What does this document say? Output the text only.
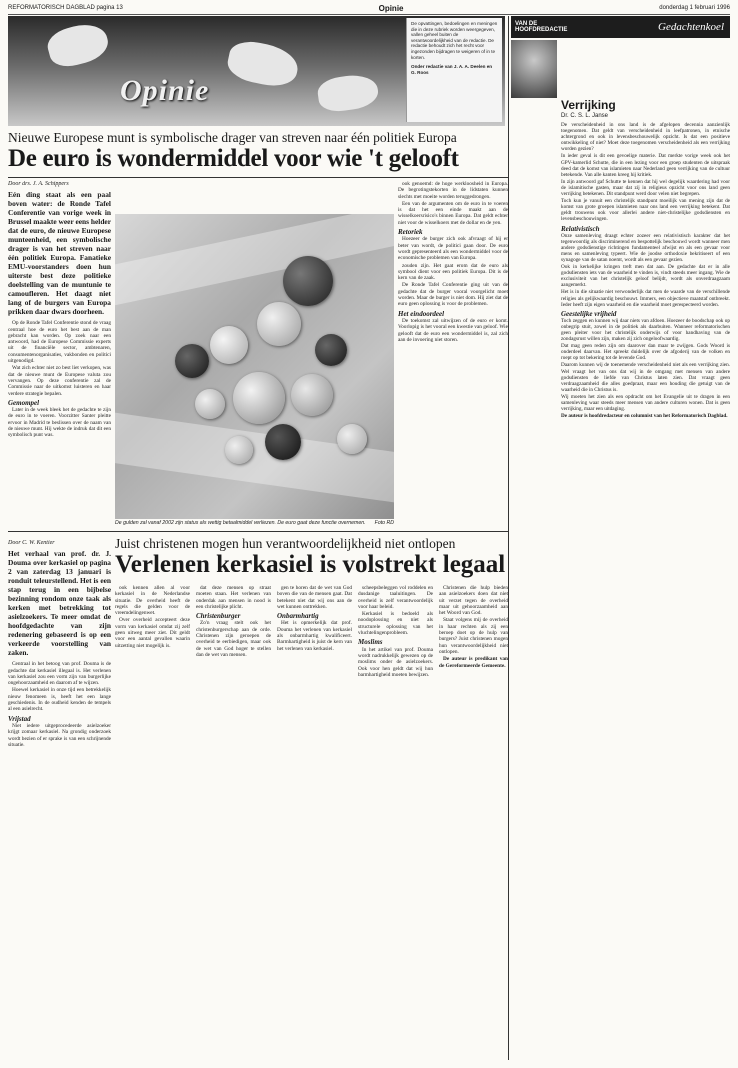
REFORMATORISCH DAGBLAD pagina 13	Opinie	donderdag 1 februari 1996
Opinie
De opvattingen, bedoelingen en meningen die in deze rubriek worden weergegeven, vallen geheel buiten de verantwoordelijkheid van de redactie. De redactie behoudt zich het recht voor ingezonden bijdragen te weigeren of in te korten.
Onder redactie van J. A. A. Deelen en G. Roos
VAN DE HOOFDREDACTIE	Gedachtenkoel
Verrijking
Dr. C. S. L. Janse

De verscheidenheid in ons land is de afgelopen decennia aanzienlijk toegenomen. Dat geldt van verscheidenheid in leefpatronen, in etnische achtergrond en ook in levensbeschouwelijk opzicht. Is dat een positieve ontwikkeling of niet? Moet deze toegenomen verscheidenheid als een verrijking worden gezien?

In ieder geval is dit een gevoelige materie. Dat merkte vorige week ook het GPV-kamerlid Schutte, die in een lezing voor een groep studenten de uitspraak deed dat de komst van islamieten naar Nederland geen verrijking van de cultuur betekende. Van alle kanten kreeg hij kritiek.

In zijn antwoord gaf Schutte te kennen dat hij wel degelijk waardering had voor de islamitische gasten, maar dat zij in religieus opzicht voor ons land geen verrijking betekenen. Dit standpunt werd door velen niet begrepen.

Toch kun je vanuit een christelijk standpunt moeilijk van mening zijn dat de komst van grote groepen islamieten naar ons land een verrijking betekent. Dat geldt trouwens ook voor allerlei andere niet-christelijke godsdiensten en levensbeschouwingen.

Relativistisch

Onze samenleving draagt echter zozeer een relativistisch karakter dat het tegenwoordig als discriminerend en bespottelijk beschouwd wordt wanneer men andere godsdienstige richtingen fundamenteel afwijst en als een gevaar voor mens en samenleving typeert. Wie de joodse orthodoxie bekritiseert of een synagoge van de satan noemt, wordt als een gevaar gezien.

Ook in kerkelijke kringen treft men dat aan. De gedachte dat er in alle godsdiensten iets van de waarheid te vinden is, vindt steeds meer ingang. Wie de exclusiviteit van het christelijk geloof belijdt, wordt als onverdraagzaam aangemerkt.

Het is in die situatie niet verwonderlijk dat men de waarde van de verschillende religies als gelijkwaardig beschouwt. Immers, een objectieve maatstaf ontbreekt. Ieder heeft zijn eigen waarheid en die waarheid moet gerespecteerd worden.

Geestelijke vrijheid

Toch zeggen en kunnen wij daar niets van afdoen. Hoezeer de boodschap ook op onbegrip stuit, zowel in de politiek als daarbuiten. Wanneer reformatorischen geen pleiter voor het christelijk onderwijs of voor handhaving van de zondagsrust willen zijn, maken zij zich ongeloofwaardig.

Dat mag geen reden zijn om daarover dan maar te zwijgen. Gods Woord is onderdeel daarvan. Het spreekt duidelijk over de afgoderij van de volken en roept op tot bekering tot de levende God.

Daarom kunnen wij de toenemende verscheidenheid niet als een verrijking zien. Wel vraagt het van ons dat wij in de omgang met mensen van andere godsdiensten de liefde van Christus laten zien. Dat vraagt geen verdraagzaamheid die alles goedpraat, maar een houding die getuigt van de waarheid die in Christus is.

Wij moeten het zien als een opdracht om het Evangelie uit te dragen in een samenleving waar steeds meer mensen van andere culturen wonen. Dat is geen verrijking, maar een uitdaging.

De auteur is hoofdredacteur en columnist van het Reformatorisch Dagblad.

Nieuwe Europese munt is symbolische drager van streven naar één politiek Europa
De euro is wondermiddel voor wie 't gelooft
Door drs. J. A. Schippers
Eén ding staat als een paal boven water: de Ronde Tafel Conferentie van vorige week in Brussel maakte weer eens helder dat de euro, de nieuwe Europese munteenheid, een symbolische drager is van het streven naar één politiek Europa. Fanatieke EMU-voorstanders doen hun uiterste best deze politieke doelstelling van de muntunie te camoufleren. Het daagt niet lang of de burgers van Europa prikken daar dwars doorheen.

Op de Ronde Tafel Conferentie stond de vraag centraal hoe de euro het best aan de man gebracht kan worden. Op zoek naar een antwoord, had de Europese Commissie experts uit de financiële sector, ambtenaren, consumentenorganisaties, vakbonden en politici uitgenodigd.

Wat zich echter niet zo best liet verkopen, was dat de nieuwe munt de Europese valuta zou vervangen. Op deze conferentie zal de Commissie naar de uitkomst luisteren en haar verdere strategie bepalen.

Gemompel

Later in de week bleek het de gedachte te zijn de euro in te voeren. Voorzitter Santer pleitte ervoor in Madrid te beslissen over de naam van de nieuwe munt. Hij wekte de indruk dat dit een symbolisch punt was.

ook genoemd: de hoge werkloosheid in Europa. De begrotingstekorten in de lidstaten kunnen slechts met moeite worden teruggedrongen.

Een van de argumenten om de euro in te voeren is dat het een einde maakt aan de wisselkoersrisico's binnen Europa. Dat geldt echter niet voor de wisselkoers met de dollar en de yen.

Retoriek

Hoezeer de burger zich ook afvraagt of hij er beter van wordt, de politici gaan door. De euro wordt gepresenteerd als een wondermiddel voor de economische problemen van Europa.

zouden zijn. Het gaat erom dat de euro als symbool dient voor een politiek Europa. Dit is de kern van de zaak.

De Ronde Tafel Conferentie ging uit van de gedachte dat de burger vooral voorgelicht moet worden. Maar de burger is niet dom. Hij ziet dat de euro geen oplossing is voor de problemen.

Het eindoordeel

De toekomst zal uitwijzen of de euro er komt. Voorlopig is het vooral een kwestie van geloof. Wie gelooft dat de euro een wondermiddel is, zal zich aan de invoering niet storen.

De gulden zal vanaf 2002 zijn status als wettig betaalmiddel verliezen. De euro gaat deze functie overnemen. Foto RD
Juist christenen mogen hun verantwoordelijkheid niet ontlopen
Verlenen kerkasiel is volstrekt legaal
Door C. W. Kentier
Het verhaal van prof. dr. J. Douma over kerkasiel op pagina 2 van zaterdag 13 januari is ronduit teleurstellend. Het is een stap terug in een bijbelse bezinning rondom onze taak als kerken met betrekking tot asielzoekers. Te meer omdat de hoofdgedachte van zijn redenering gebaseerd is op een verkeerde voorstelling van zaken.

Centraal in het betoog van prof. Douma is de gedachte dat kerkasiel illegaal is. Het verlenen van kerkasiel zou een vorm zijn van burgerlijke ongehoorzaamheid en daarom af te wijzen.

Hoewel kerkasiel in onze tijd een betrekkelijk nieuw fenomeen is, heeft het een lange geschiedenis. In de oudheid kenden de tempels al een asielrecht.

Vrijstad

Niet iedere uitgeprocedeerde asielzoeker krijgt zomaar kerkasiel. Na grondig onderzoek wordt bezien of er sprake is van een schrijnende situatie.

ook kennen allen al voor kerkasiel in de Nederlandse situatie. De overheid heeft de regels die gelden voor de vreemdelingenwet.

Over overheid accepteert deze vorm van kerkasiel omdat zij zelf geen uitweg meer ziet. Dit geldt voor een aantal gevallen waarin uitzetting niet mogelijk is.

dat deze mensen op straat moeten staan. Het verlenen van onderdak aan mensen in nood is een christelijke plicht.

Christenburger

Zo'n vraag stelt ook het christenburgerschap aan de orde. Christenen zijn geroepen de overheid te eerbiedigen, maar ook de wet van God hoger te stellen dan de wet van mensen.

gen te horen dat de wet van God boven die van de mensen gaat. Dat betekent niet dat wij ons aan de wet kunnen onttrekken.

Onbarmhartig

Het is opmerkelijk dat prof. Douma het verlenen van kerkasiel als onbarmhartig kwalificeert. Barmhartigheid is juist de kern van het verlenen van kerkasiel.

scheepsbeleggen vol roddelen en dusdanige taaluitingen. De overheid is zelf verantwoordelijk voor haar beleid.

Kerkasiel is bedoeld als noodoplossing en niet als structurele oplossing van het vluchtelingenprobleem.

Moslims

In het artikel van prof. Douma wordt nadrukkelijk gewezen op de moslims onder de asielzoekers. Ook voor hen geldt dat wij hun barmhartigheid moeten bewijzen.

Christenen die hulp bieden aan asielzoekers doen dat niet uit verzet tegen de overheid maar uit gehoorzaamheid aan het Woord van God.

Staat volgens mij de overheid in haar rechten als zij een beroep doet op de hulp van burgers? Juist christenen mogen hun verantwoordelijkheid niet ontlopen.

De auteur is predikant van de Gereformeerde Gemeente.
